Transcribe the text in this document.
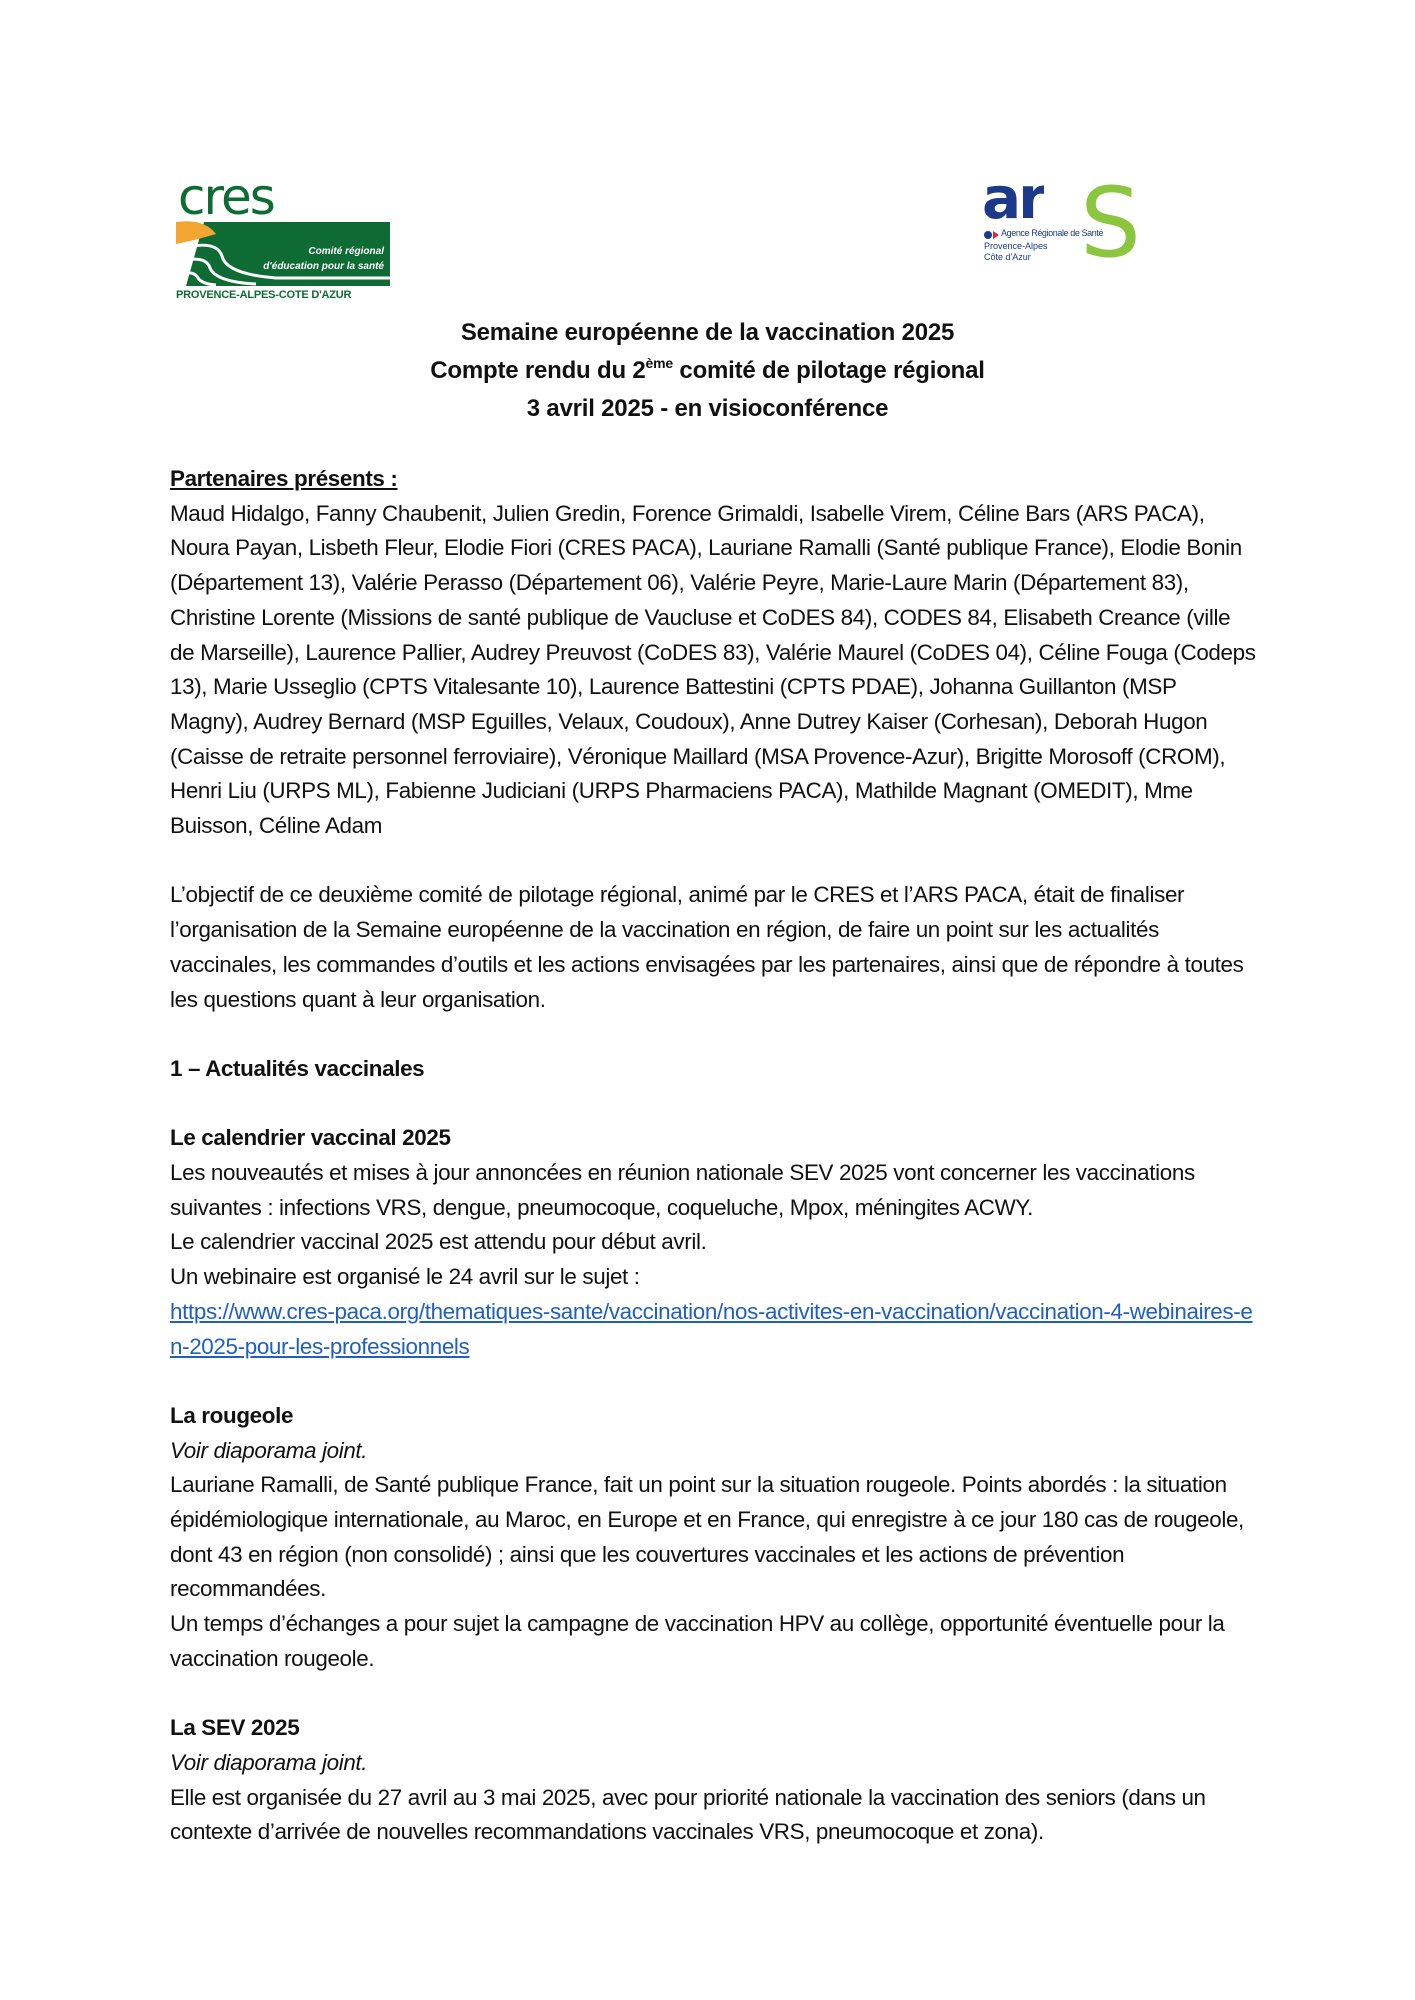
cres
Comité régional
d'éducation pour la santé
PROVENCE-ALPES-COTE D'AZUR
ar S
Agence Régionale de Santé
Provence-Alpes
Côte d'Azur
Semaine européenne de la vaccination 2025
Compte rendu du 2ème comité de pilotage régional
3 avril 2025 - en visioconférence

Partenaires présents :

Maud Hidalgo, Fanny Chaubenit, Julien Gredin, Forence Grimaldi, Isabelle Virem, Céline Bars (ARS PACA), Noura Payan, Lisbeth Fleur, Elodie Fiori (CRES PACA), Lauriane Ramalli (Santé publique France), Elodie Bonin (Département 13), Valérie Perasso (Département 06), Valérie Peyre, Marie-Laure Marin (Département 83), Christine Lorente (Missions de santé publique de Vaucluse et CoDES 84), CODES 84, Elisabeth Creance (ville de Marseille), Laurence Pallier, Audrey Preuvost (CoDES 83), Valérie Maurel (CoDES 04), Céline Fouga (Codeps 13), Marie Usseglio (CPTS Vitalesante 10), Laurence Battestini (CPTS PDAE), Johanna Guillanton (MSP Magny), Audrey Bernard (MSP Eguilles, Velaux, Coudoux), Anne Dutrey Kaiser (Corhesan), Deborah Hugon (Caisse de retraite personnel ferroviaire), Véronique Maillard (MSA Provence-Azur), Brigitte Morosoff (CROM), Henri Liu (URPS ML), Fabienne Judiciani (URPS Pharmaciens PACA), Mathilde Magnant (OMEDIT), Mme Buisson, Céline Adam

L’objectif de ce deuxième comité de pilotage régional, animé par le CRES et l’ARS PACA, était de finaliser l’organisation de la Semaine européenne de la vaccination en région, de faire un point sur les actualités vaccinales, les commandes d’outils et les actions envisagées par les partenaires, ainsi que de répondre à toutes les questions quant à leur organisation.

1 – Actualités vaccinales

Le calendrier vaccinal 2025

Les nouveautés et mises à jour annoncées en réunion nationale SEV 2025 vont concerner les vaccinations suivantes : infections VRS, dengue, pneumocoque, coqueluche, Mpox, méningites ACWY.

Le calendrier vaccinal 2025 est attendu pour début avril.

Un webinaire est organisé le 24 avril sur le sujet :

https://www.cres-paca.org/thematiques-sante/vaccination/nos-activites-en-vaccination/vaccination-4-webinaires-en-2025-pour-les-professionnels

La rougeole

Voir diaporama joint.

Lauriane Ramalli, de Santé publique France, fait un point sur la situation rougeole. Points abordés : la situation épidémiologique internationale, au Maroc, en Europe et en France, qui enregistre à ce jour 180 cas de rougeole, dont 43 en région (non consolidé) ; ainsi que les couvertures vaccinales et les actions de prévention recommandées.

Un temps d’échanges a pour sujet la campagne de vaccination HPV au collège, opportunité éventuelle pour la vaccination rougeole.

La SEV 2025

Voir diaporama joint.

Elle est organisée du 27 avril au 3 mai 2025, avec pour priorité nationale la vaccination des seniors (dans un contexte d’arrivée de nouvelles recommandations vaccinales VRS, pneumocoque et zona).
